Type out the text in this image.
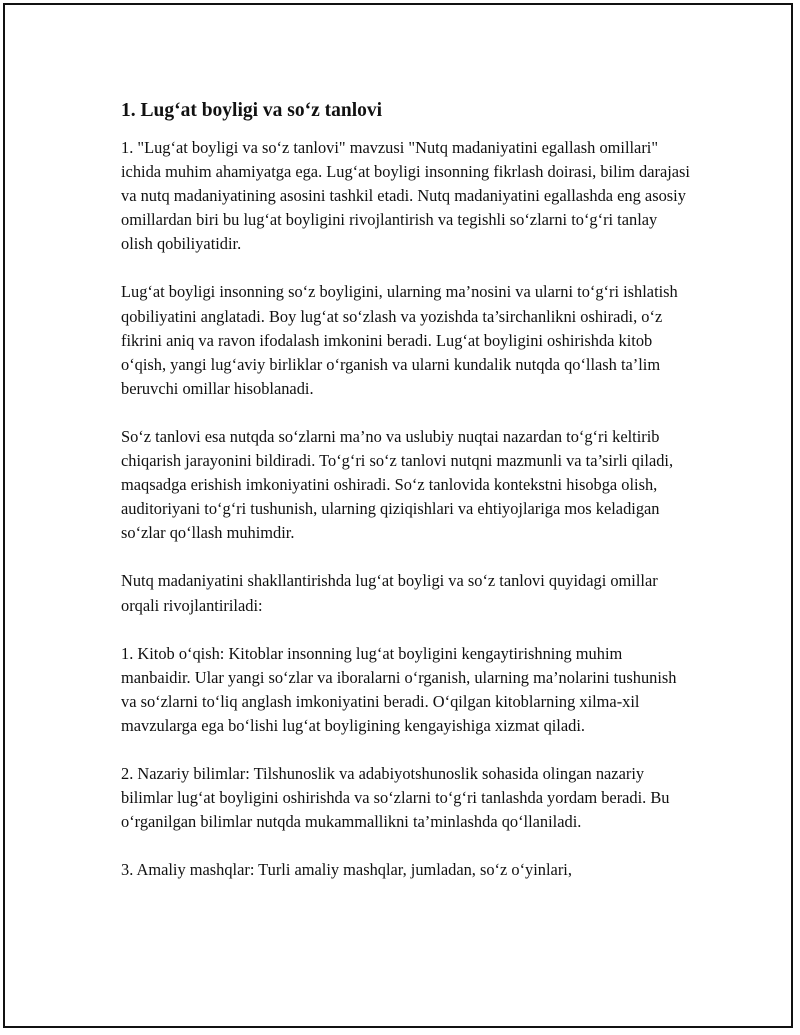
1. Lug‘at boyligi va so‘z tanlovi

1. "Lug‘at boyligi va so‘z tanlovi" mavzusi "Nutq madaniyatini egallash omillari" ichida muhim ahamiyatga ega. Lug‘at boyligi insonning fikrlash doirasi, bilim darajasi va nutq madaniyatining asosini tashkil etadi. Nutq madaniyatini egallashda eng asosiy omillardan biri bu lug‘at boyligini rivojlantirish va tegishli so‘zlarni to‘g‘ri tanlay olish qobiliyatidir.

Lug‘at boyligi insonning so‘z boyligini, ularning ma’nosini va ularni to‘g‘ri ishlatish qobiliyatini anglatadi. Boy lug‘at so‘zlash va yozishda ta’sirchanlikni oshiradi, o‘z fikrini aniq va ravon ifodalash imkonini beradi. Lug‘at boyligini oshirishda kitob o‘qish, yangi lug‘aviy birliklar o‘rganish va ularni kundalik nutqda qo‘llash ta’lim beruvchi omillar hisoblanadi.

So‘z tanlovi esa nutqda so‘zlarni ma’no va uslubiy nuqtai nazardan to‘g‘ri keltirib chiqarish jarayonini bildiradi. To‘g‘ri so‘z tanlovi nutqni mazmunli va ta’sirli qiladi, maqsadga erishish imkoniyatini oshiradi. So‘z tanlovida kontekstni hisobga olish, auditoriyani to‘g‘ri tushunish, ularning qiziqishlari va ehtiyojlariga mos keladigan so‘zlar qo‘llash muhimdir.

Nutq madaniyatini shakllantirishda lug‘at boyligi va so‘z tanlovi quyidagi omillar orqali rivojlantiriladi:

1. Kitob o‘qish: Kitoblar insonning lug‘at boyligini kengaytirishning muhim manbaidir. Ular yangi so‘zlar va iboralarni o‘rganish, ularning ma’nolarini tushunish va so‘zlarni to‘liq anglash imkoniyatini beradi. O‘qilgan kitoblarning xilma-xil mavzularga ega bo‘lishi lug‘at boyligining kengayishiga xizmat qiladi.

2. Nazariy bilimlar: Tilshunoslik va adabiyotshunoslik sohasida olingan nazariy bilimlar lug‘at boyligini oshirishda va so‘zlarni to‘g‘ri tanlashda yordam beradi. Bu o‘rganilgan bilimlar nutqda mukammallikni ta’minlashda qo‘llaniladi.

3. Amaliy mashqlar: Turli amaliy mashqlar, jumladan, so‘z o‘yinlari,
